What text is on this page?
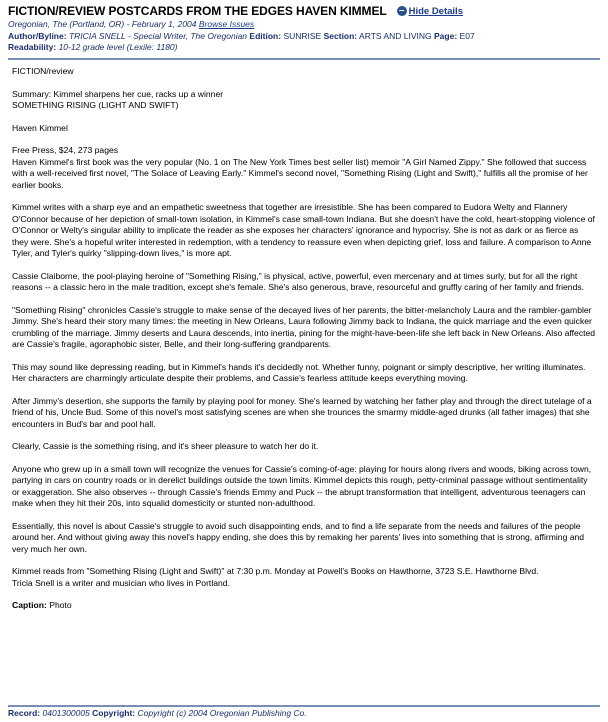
FICTION/REVIEW POSTCARDS FROM THE EDGES HAVEN KIMMEL − Hide Details
Oregonian, The (Portland, OR) - February 1, 2004 Browse Issues
Author/Byline: TRICIA SNELL - Special Writer, The Oregonian Edition: SUNRISE Section: ARTS AND LIVING Page: E07
Readability: 10-12 grade level (Lexile: 1180)

FICTION/review

Summary: Kimmel sharpens her cue, racks up a winner
SOMETHING RISING (LIGHT AND SWIFT)

Haven Kimmel

Free Press, $24, 273 pages

Haven Kimmel's first book was the very popular (No. 1 on The New York Times best seller list) memoir "A Girl Named Zippy." She followed that success with a well-received first novel, "The Solace of Leaving Early." Kimmel's second novel, "Something Rising (Light and Swift)," fulfills all the promise of her earlier books.

Kimmel writes with a sharp eye and an empathetic sweetness that together are irresistible. She has been compared to Eudora Welty and Flannery O'Connor because of her depiction of small-town isolation, in Kimmel's case small-town Indiana. But she doesn't have the cold, heart-stopping violence of O'Connor or Welty's singular ability to implicate the reader as she exposes her characters' ignorance and hypocrisy. She is not as dark or as fierce as they were. She's a hopeful writer interested in redemption, with a tendency to reassure even when depicting grief, loss and failure. A comparison to Anne Tyler, and Tyler's quirky "slipping-down lives," is more apt.

Cassie Claiborne, the pool-playing heroine of "Something Rising," is physical, active, powerful, even mercenary and at times surly, but for all the right reasons -- a classic hero in the male tradition, except she's female. She's also generous, brave, resourceful and gruffly caring of her family and friends.

"Something Rising" chronicles Cassie's struggle to make sense of the decayed lives of her parents, the bitter-melancholy Laura and the rambler-gambler Jimmy. She's heard their story many times: the meeting in New Orleans, Laura following Jimmy back to Indiana, the quick marriage and the even quicker crumbling of the marriage. Jimmy deserts and Laura descends, into inertia, pining for the might-have-been-life she left back in New Orleans. Also affected are Cassie's fragile, agoraphobic sister, Belle, and their long-suffering grandparents.

This may sound like depressing reading, but in Kimmel's hands it's decidedly not. Whether funny, poignant or simply descriptive, her writing illuminates. Her characters are charmingly articulate despite their problems, and Cassie's fearless attitude keeps everything moving.

After Jimmy's desertion, she supports the family by playing pool for money. She's learned by watching her father play and through the direct tutelage of a friend of his, Uncle Bud. Some of this novel's most satisfying scenes are when she trounces the smarmy middle-aged drunks (all father images) that she encounters in Bud's bar and pool hall.

Clearly, Cassie is the something rising, and it's sheer pleasure to watch her do it.

Anyone who grew up in a small town will recognize the venues for Cassie's coming-of-age: playing for hours along rivers and woods, biking across town, partying in cars on country roads or in derelict buildings outside the town limits. Kimmel depicts this rough, petty-criminal passage without sentimentality or exaggeration. She also observes -- through Cassie's friends Emmy and Puck -- the abrupt transformation that intelligent, adventurous teenagers can make when they hit their 20s, into squalid domesticity or stunted non-adulthood.

Essentially, this novel is about Cassie's struggle to avoid such disappointing ends, and to find a life separate from the needs and failures of the people around her. And without giving away this novel's happy ending, she does this by remaking her parents' lives into something that is strong, affirming and very much her own.

Kimmel reads from "Something Rising (Light and Swift)" at 7:30 p.m. Monday at Powell's Books on Hawthorne, 3723 S.E. Hawthorne Blvd.

Tricia Snell is a writer and musician who lives in Portland.

Caption: Photo
Record: 0401300005 Copyright: Copyright (c) 2004 Oregonian Publishing Co.
